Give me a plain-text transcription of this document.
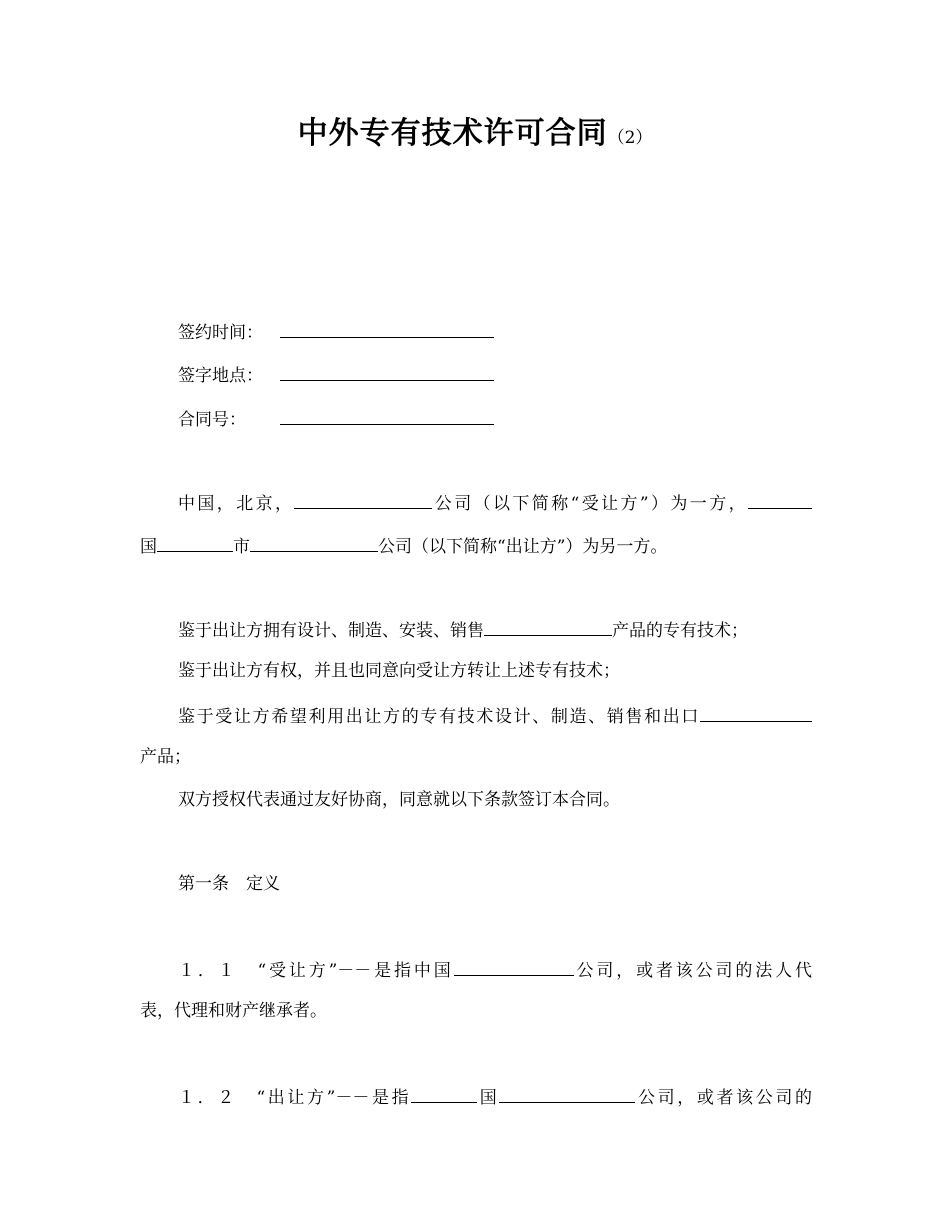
中外专有技术许可合同（2）
签约时间：
签字地点：
合同号：
中国，北京，	公司（以下简称“受让方”）为一方，
国	市	公司（以下简称“出让方”）为另一方。
鉴于出让方拥有设计、制造、安装、销售	产品的专有技术；
鉴于出让方有权，并且也同意向受让方转让上述专有技术；
鉴于受让方希望利用出让方的专有技术设计、制造、销售和出口
产品；
双方授权代表通过友好协商，同意就以下条款签订本合同。
第一条　定义
１．１　“受让方”－－是指中国	公司，或者该公司的法人代
表，代理和财产继承者。
１．２　“出让方”－－是指	国	公司，或者该公司的
